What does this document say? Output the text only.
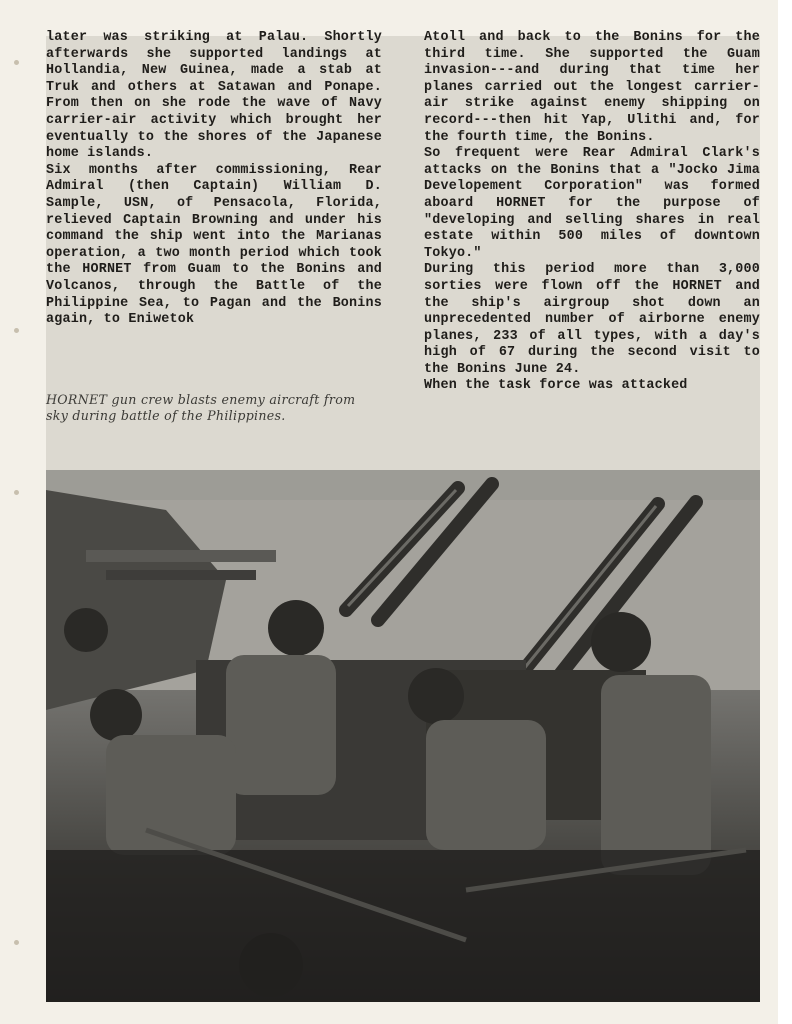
later was striking at Palau. Shortly afterwards she supported landings at Hollandia, New Guinea, made a stab at Truk and others at Satawan and Ponape. From then on she rode the wave of Navy carrier-air activity which brought her eventually to the shores of the Japanese home islands.
Six months after commissioning, Rear Admiral (then Captain) William D. Sample, USN, of Pensacola, Florida, relieved Captain Browning and under his command the ship went into the Marianas operation, a two month period which took the HORNET from Guam to the Bonins and Volcanos, through the Battle of the Philippine Sea, to Pagan and the Bonins again, to Eniwetok
Atoll and back to the Bonins for the third time. She supported the Guam invasion---and during that time her planes carried out the longest carrier-air strike against enemy shipping on record---then hit Yap, Ulithi and, for the fourth time, the Bonins.
So frequent were Rear Admiral Clark's attacks on the Bonins that a "Jocko Jima Developement Corporation" was formed aboard HORNET for the purpose of "developing and selling shares in real estate within 500 miles of downtown Tokyo."
During this period more than 3,000 sorties were flown off the HORNET and the ship's airgroup shot down an unprecedented number of airborne enemy planes, 233 of all types, with a day's high of 67 during the second visit to the Bonins June 24.
When the task force was attacked
HORNET gun crew blasts enemy aircraft from sky during battle of the Philippines.
